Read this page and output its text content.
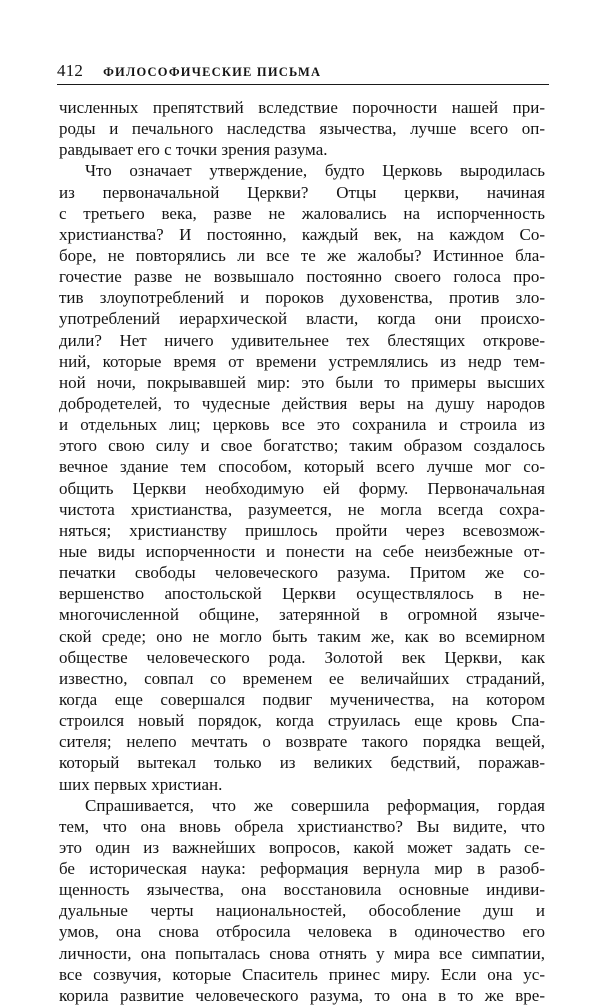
412 ФИЛОСОФИЧЕСКИЕ ПИСЬМА
численных препятствий вследствие порочности нашей при-
роды и печального наследства язычества, лучше всего оп-
равдывает его с точки зрения разума.
Что означает утверждение, будто Церковь выродилась
из первоначальной Церкви? Отцы церкви, начиная
с третьего века, разве не жаловались на испорченность
христианства? И постоянно, каждый век, на каждом Со-
боре, не повторялись ли все те же жалобы? Истинное бла-
гочестие разве не возвышало постоянно своего голоса про-
тив злоупотреблений и пороков духовенства, против зло-
употреблений иерархической власти, когда они происхо-
дили? Нет ничего удивительнее тех блестящих открове-
ний, которые время от времени устремлялись из недр тем-
ной ночи, покрывавшей мир: это были то примеры высших
добродетелей, то чудесные действия веры на душу народов
и отдельных лиц; церковь все это сохранила и строила из
этого свою силу и свое богатство; таким образом создалось
вечное здание тем способом, который всего лучше мог со-
общить Церкви необходимую ей форму. Первоначальная
чистота христианства, разумеется, не могла всегда сохра-
няться; христианству пришлось пройти через всевозмож-
ные виды испорченности и понести на себе неизбежные от-
печатки свободы человеческого разума. Притом же со-
вершенство апостольской Церкви осуществлялось в не-
многочисленной общине, затерянной в огромной языче-
ской среде; оно не могло быть таким же, как во всемирном
обществе человеческого рода. Золотой век Церкви, как
известно, совпал со временем ее величайших страданий,
когда еще совершался подвиг мученичества, на котором
строился новый порядок, когда струилась еще кровь Спа-
сителя; нелепо мечтать о возврате такого порядка вещей,
который вытекал только из великих бедствий, поражав-
ших первых христиан.
Спрашивается, что же совершила реформация, гордая
тем, что она вновь обрела христианство? Вы видите, что
это один из важнейших вопросов, какой может задать се-
бе историческая наука: реформация вернула мир в разоб-
щенность язычества, она восстановила основные индиви-
дуальные черты национальностей, обособление душ и
умов, она снова отбросила человека в одиночество его
личности, она попыталась снова отнять у мира все симпатии,
все созвучия, которые Спаситель принес миру. Если она ус-
корила развитие человеческого разума, то она в то же вре-
